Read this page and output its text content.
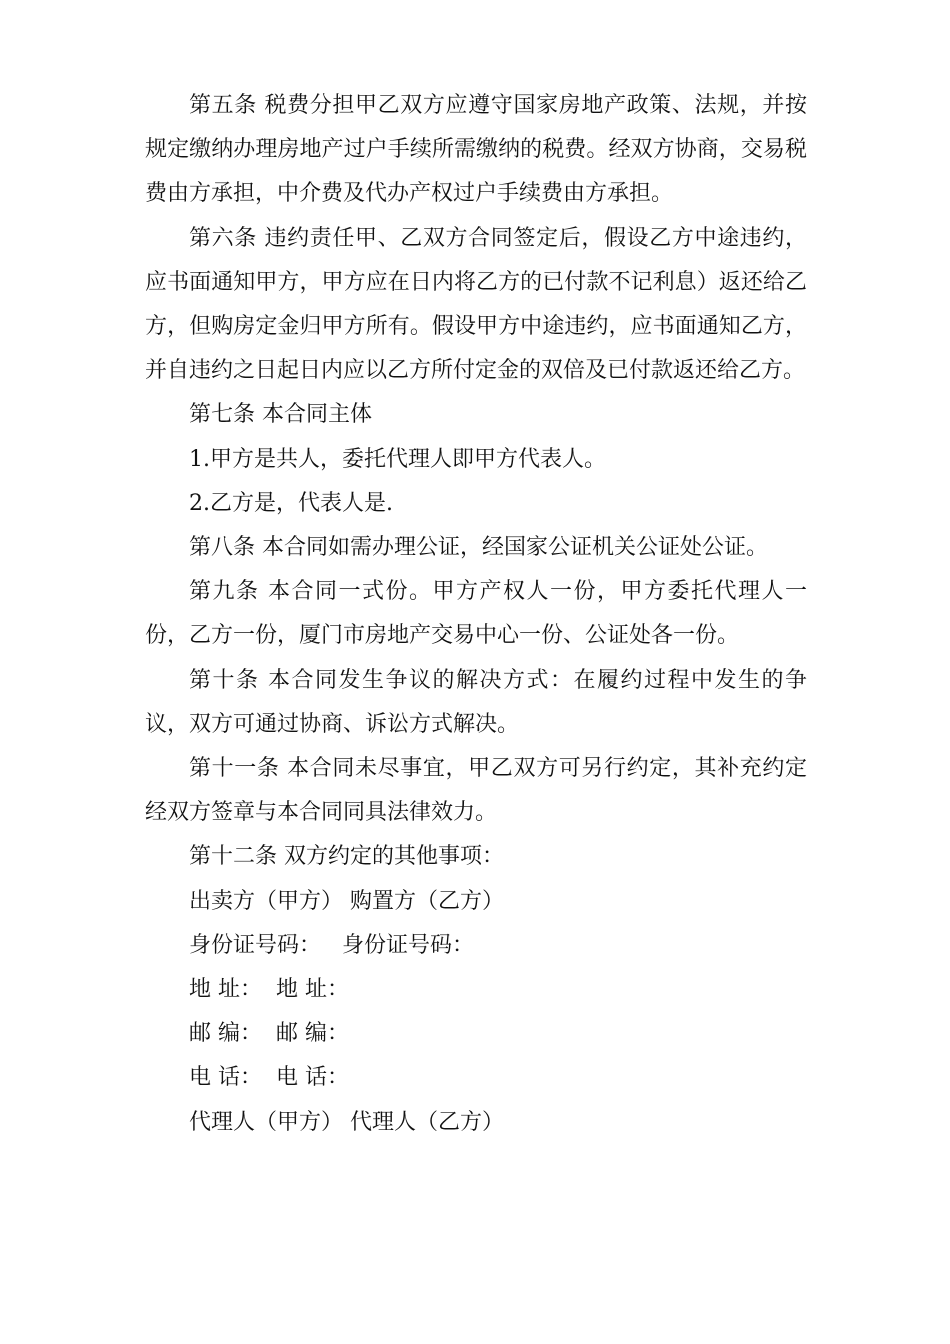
第五条 税费分担甲乙双方应遵守国家房地产政策、法规，并按规定缴纳办理房地产过户手续所需缴纳的税费。经双方协商，交易税费由方承担，中介费及代办产权过户手续费由方承担。

第六条 违约责任甲、乙双方合同签定后，假设乙方中途违约，应书面通知甲方，甲方应在日内将乙方的已付款不记利息）返还给乙方，但购房定金归甲方所有。假设甲方中途违约，应书面通知乙方，并自违约之日起日内应以乙方所付定金的双倍及已付款返还给乙方。

第七条 本合同主体

1.甲方是共人，委托代理人即甲方代表人。

2.乙方是，代表人是.

第八条 本合同如需办理公证，经国家公证机关公证处公证。

第九条 本合同一式份。甲方产权人一份，甲方委托代理人一份，乙方一份，厦门市房地产交易中心一份、公证处各一份。

第十条 本合同发生争议的解决方式：在履约过程中发生的争议，双方可通过协商、诉讼方式解决。

第十一条 本合同未尽事宜，甲乙双方可另行约定，其补充约定经双方签章与本合同同具法律效力。

第十二条 双方约定的其他事项：

出卖方（甲方） 购置方（乙方）

身份证号码：   身份证号码：

地 址：  地 址：

邮 编：  邮 编：

电 话：  电 话：

代理人（甲方） 代理人（乙方）
